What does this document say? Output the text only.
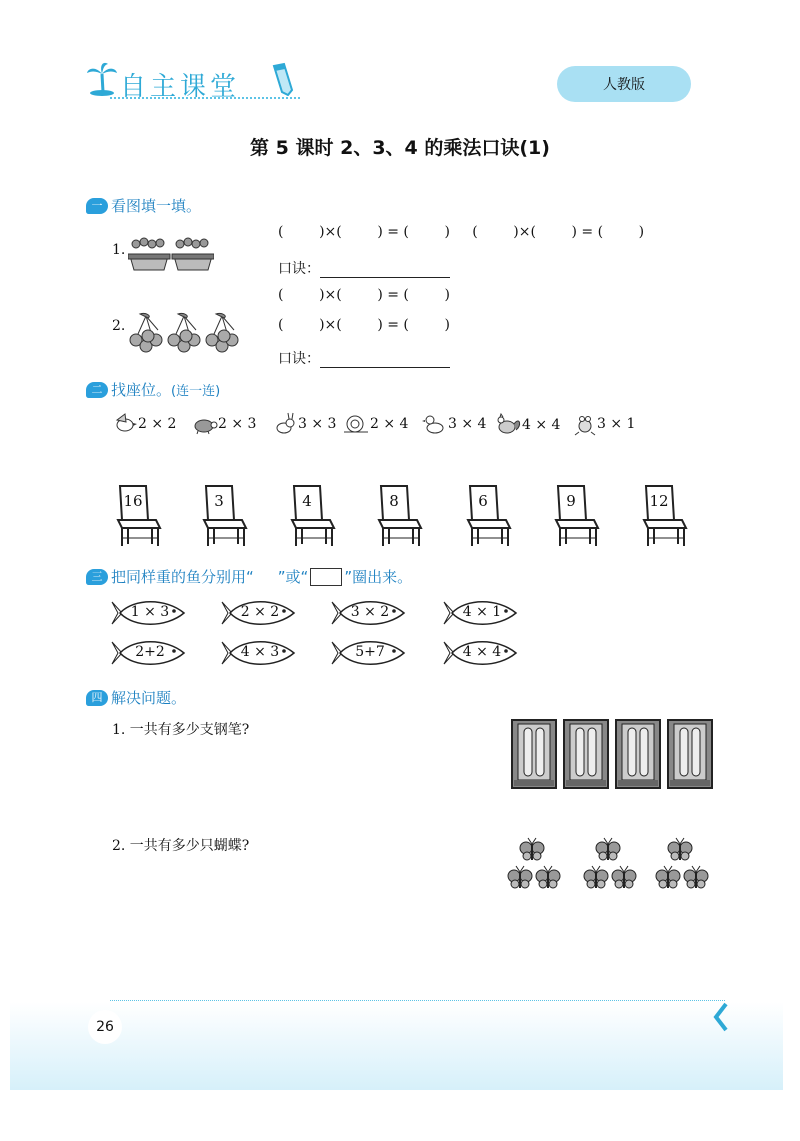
自主课堂	人教版
第 5 课时 2、3、4 的乘法口诀(1)
一 看图填一填。
1.
(        )×(        ) = (        )     (        )×(        ) = (        )
口诀：
(        )×(        ) = (        )
2.	(        )×(        ) = (        )
口诀：
二 找座位。 (连一连)
2 × 2	2 × 3	3 × 3 2 × 4	3 × 4	4 × 4	3 × 1
16	3	4	8	6	9	12
三 把同样重的鱼分别用“ ”或“ ”圈出来。
1 × 3	2 × 2	3 × 2	4 × 1
2+2	4 × 3	5+7	4 × 4
四 解决问题。
1. 一共有多少支钢笔?
2. 一共有多少只蝴蝶?
26
